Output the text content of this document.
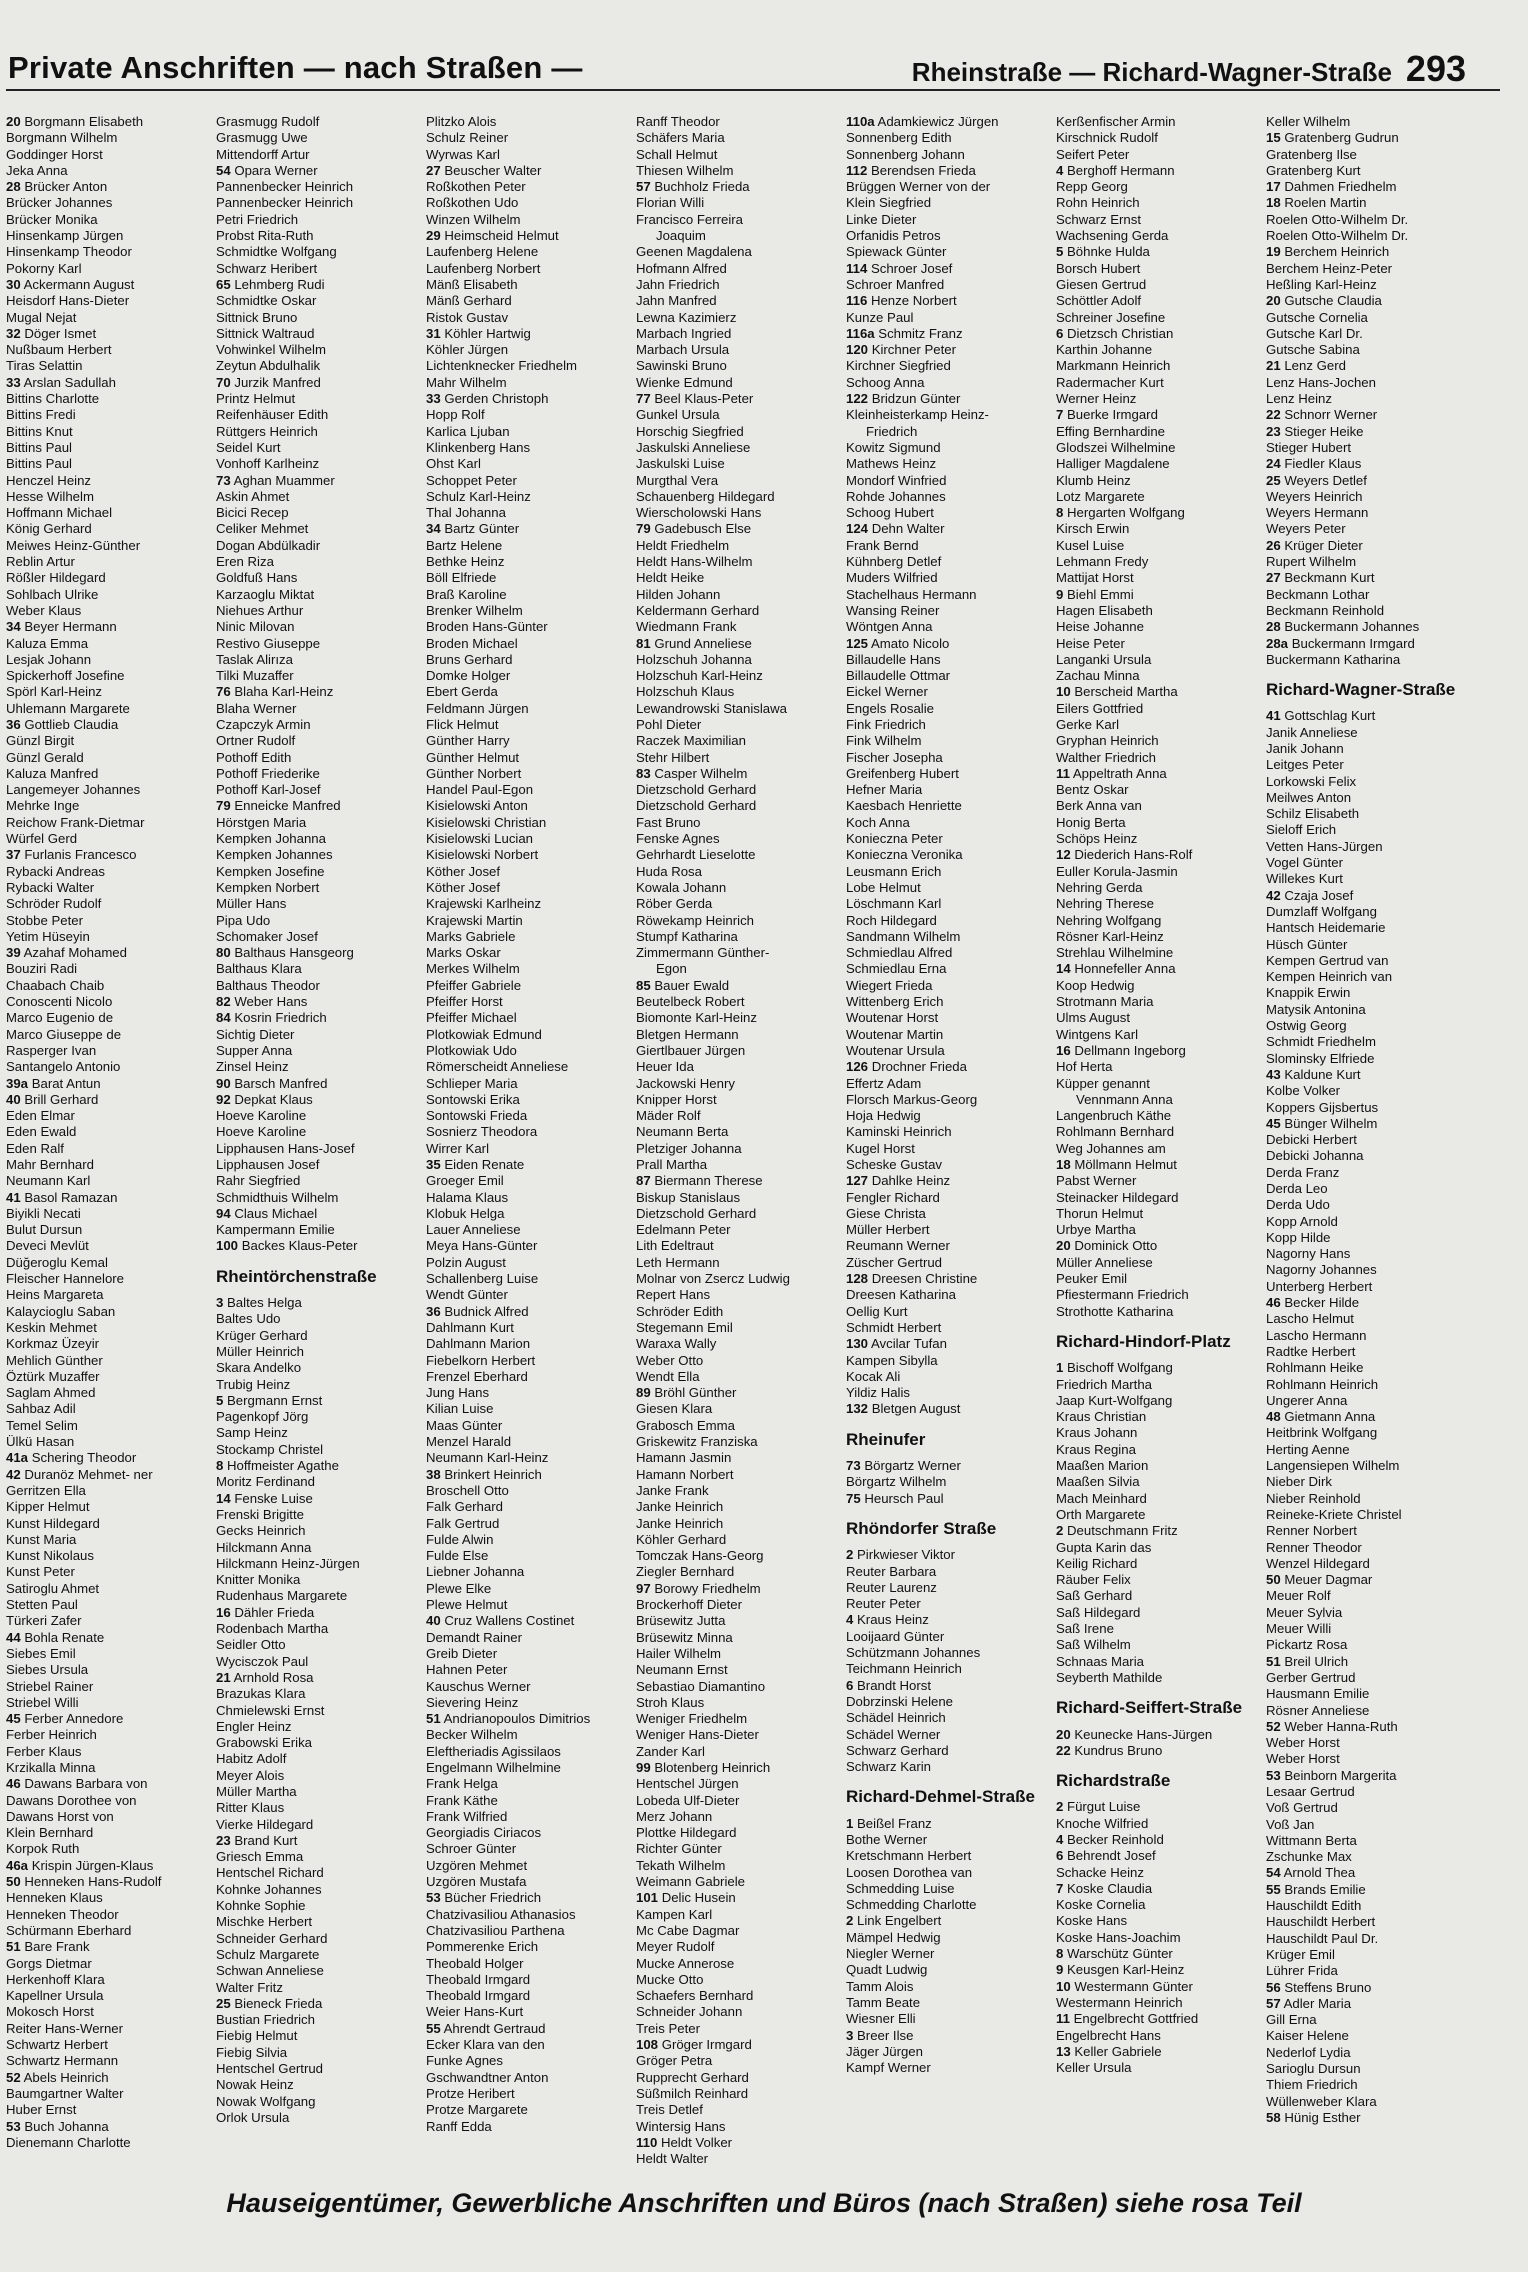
Private Anschriften — nach Straßen —	Rheinstraße — Richard-Wagner-Straße 293
20 Borgmann Elisabeth
Borgmann Wilhelm
Goddinger Horst
Jeka Anna
28 Brücker Anton
Brücker Johannes
Brücker Monika
Hinsenkamp Jürgen
Hinsenkamp Theodor
Pokorny Karl
30 Ackermann August
Heisdorf Hans-Dieter
Mugal Nejat
32 Döger Ismet
Nußbaum Herbert
Tiras Selattin
33 Arslan Sadullah
Bittins Charlotte
Bittins Fredi
Bittins Knut
Bittins Paul
Bittins Paul
Henczel Heinz
Hesse Wilhelm
Hoffmann Michael
König Gerhard
Meiwes Heinz-Günther
Reblin Artur
Rößler Hildegard
Sohlbach Ulrike
Weber Klaus
34 Beyer Hermann
Kaluza Emma
Lesjak Johann
Spickerhoff Josefine
Spörl Karl-Heinz
Uhlemann Margarete
36 Gottlieb Claudia
Günzl Birgit
Günzl Gerald
Kaluza Manfred
Langemeyer Johannes
Mehrke Inge
Reichow Frank-Dietmar
Würfel Gerd
37 Furlanis Francesco
Rybacki Andreas
Rybacki Walter
Schröder Rudolf
Stobbe Peter
Yetim Hüseyin
39 Azahaf Mohamed
Bouziri Radi
Chaabach Chaib
Conoscenti Nicolo
Marco Eugenio de
Marco Giuseppe de
Rasperger Ivan
Santangelo Antonio
39a Barat Antun
40 Brill Gerhard
Eden Elmar
Eden Ewald
Eden Ralf
Mahr Bernhard
Neumann Karl
41 Basol Ramazan
Biyikli Necati
Bulut Dursun
Deveci Mevlüt
Düğeroglu Kemal
Fleischer Hannelore
Heins Margareta
Kalaycioglu Saban
Keskin Mehmet
Korkmaz Üzeyir
Mehlich Günther
Öztürk Muzaffer
Saglam Ahmed
Sahbaz Adil
Temel Selim
Ülkü Hasan
41a Schering Theodor
42 Duranöz Mehmet- ner
Gerritzen Ella
Kipper Helmut
Kunst Hildegard
Kunst Maria
Kunst Nikolaus
Kunst Peter
Satiroglu Ahmet
Stetten Paul
Türkeri Zafer
44 Bohla Renate
Siebes Emil
Siebes Ursula
Striebel Rainer
Striebel Willi
45 Ferber Annedore
Ferber Heinrich
Ferber Klaus
Krzikalla Minna
46 Dawans Barbara von
Dawans Dorothee von
Dawans Horst von
Klein Bernhard
Korpok Ruth
46a Krispin Jürgen-Klaus
50 Henneken Hans-Rudolf
Henneken Klaus
Henneken Theodor
Schürmann Eberhard
51 Bare Frank
Gorgs Dietmar
Herkenhoff Klara
Kapellner Ursula
Mokosch Horst
Reiter Hans-Werner
Schwartz Herbert
Schwartz Hermann
52 Abels Heinrich
Baumgartner Walter
Huber Ernst
53 Buch Johanna
Dienemann Charlotte
Grasmugg Rudolf
Grasmugg Uwe
Mittendorff Artur
54 Opara Werner
Pannenbecker Heinrich
Pannenbecker Heinrich
Petri Friedrich
Probst Rita-Ruth
Schmidtke Wolfgang
Schwarz Heribert
65 Lehmberg Rudi
Schmidtke Oskar
Sittnick Bruno
Sittnick Waltraud
Vohwinkel Wilhelm
Zeytun Abdulhalik
70 Jurzik Manfred
Printz Helmut
Reifenhäuser Edith
Rüttgers Heinrich
Seidel Kurt
Vonhoff Karlheinz
73 Aghan Muammer
Askin Ahmet
Bicici Recep
Celiker Mehmet
Dogan Abdülkadir
Eren Riza
Goldfuß Hans
Karzaoglu Miktat
Niehues Arthur
Ninic Milovan
Restivo Giuseppe
Taslak Alirıza
Tilki Muzaffer
76 Blaha Karl-Heinz
Blaha Werner
Czapczyk Armin
Ortner Rudolf
Pothoff Edith
Pothoff Friederike
Pothoff Karl-Josef
79 Enneicke Manfred
Hörstgen Maria
Kempken Johanna
Kempken Johannes
Kempken Josefine
Kempken Norbert
Müller Hans
Pipa Udo
Schomaker Josef
80 Balthaus Hansgeorg
Balthaus Klara
Balthaus Theodor
82 Weber Hans
84 Kosrin Friedrich
Sichtig Dieter
Supper Anna
Zinsel Heinz
90 Barsch Manfred
92 Depkat Klaus
Hoeve Karoline
Hoeve Karoline
Lipphausen Hans-Josef
Lipphausen Josef
Rahr Siegfried
Schmidthuis Wilhelm
94 Claus Michael
Kampermann Emilie
100 Backes Klaus-Peter
Rheintörchenstraße
3 Baltes Helga
Baltes Udo
Krüger Gerhard
Müller Heinrich
Skara Andelko
Trubig Heinz
5 Bergmann Ernst
Pagenkopf Jörg
Samp Heinz
Stockamp Christel
8 Hoffmeister Agathe
Moritz Ferdinand
14 Fenske Luise
Frenski Brigitte
Gecks Heinrich
Hilckmann Anna
Hilckmann Heinz-Jürgen
Knitter Monika
Rudenhaus Margarete
16 Dähler Frieda
Rodenbach Martha
Seidler Otto
Wycisczok Paul
21 Arnhold Rosa
Brazukas Klara
Chmielewski Ernst
Engler Heinz
Grabowski Erika
Habitz Adolf
Meyer Alois
Müller Martha
Ritter Klaus
Vierke Hildegard
23 Brand Kurt
Griesch Emma
Hentschel Richard
Kohnke Johannes
Kohnke Sophie
Mischke Herbert
Schneider Gerhard
Schulz Margarete
Schwan Anneliese
Walter Fritz
25 Bieneck Frieda
Bustian Friedrich
Fiebig Helmut
Fiebig Silvia
Hentschel Gertrud
Nowak Heinz
Nowak Wolfgang
Orlok Ursula
Plitzko Alois
Schulz Reiner
Wyrwas Karl
27 Beuscher Walter
Roßkothen Peter
Roßkothen Udo
Winzen Wilhelm
29 Heimscheid Helmut
Laufenberg Helene
Laufenberg Norbert
Mänß Elisabeth
Mänß Gerhard
Ristok Gustav
31 Köhler Hartwig
Köhler Jürgen
Lichtenknecker Friedhelm
Mahr Wilhelm
33 Gerden Christoph
Hopp Rolf
Karlica Ljuban
Klinkenberg Hans
Ohst Karl
Schoppet Peter
Schulz Karl-Heinz
Thal Johanna
34 Bartz Günter
Bartz Helene
Bethke Heinz
Böll Elfriede
Braß Karoline
Brenker Wilhelm
Broden Hans-Günter
Broden Michael
Bruns Gerhard
Domke Holger
Ebert Gerda
Feldmann Jürgen
Flick Helmut
Günther Harry
Günther Helmut
Günther Norbert
Handel Paul-Egon
Kisielowski Anton
Kisielowski Christian
Kisielowski Lucian
Kisielowski Norbert
Köther Josef
Köther Josef
Krajewski Karlheinz
Krajewski Martin
Marks Gabriele
Marks Oskar
Merkes Wilhelm
Pfeiffer Gabriele
Pfeiffer Horst
Pfeiffer Michael
Plotkowiak Edmund
Plotkowiak Udo
Römerscheidt Anneliese
Schlieper Maria
Sontowski Erika
Sontowski Frieda
Sosnierz Theodora
Wirrer Karl
35 Eiden Renate
Groeger Emil
Halama Klaus
Klobuk Helga
Lauer Anneliese
Meya Hans-Günter
Polzin August
Schallenberg Luise
Wendt Günter
36 Budnick Alfred
Dahlmann Kurt
Dahlmann Marion
Fiebelkorn Herbert
Frenzel Eberhard
Jung Hans
Kilian Luise
Maas Günter
Menzel Harald
Neumann Karl-Heinz
38 Brinkert Heinrich
Broschell Otto
Falk Gerhard
Falk Gertrud
Fulde Alwin
Fulde Else
Liebner Johanna
Plewe Elke
Plewe Helmut
40 Cruz Wallens Costinet
Demandt Rainer
Greib Dieter
Hahnen Peter
Kauschus Werner
Sievering Heinz
51 Andrianopoulos Dimitrios
Becker Wilhelm
Eleftheriadis Agissilaos
Engelmann Wilhelmine
Frank Helga
Frank Käthe
Frank Wilfried
Georgiadis Ciriacos
Schroer Günter
Uzgören Mehmet
Uzgören Mustafa
53 Bücher Friedrich
Chatzivasiliou Athanasios
Chatzivasiliou Parthena
Pommerenke Erich
Theobald Holger
Theobald Irmgard
Theobald Irmgard
Weier Hans-Kurt
55 Ahrendt Gertraud
Ecker Klara van den
Funke Agnes
Gschwandtner Anton
Protze Heribert
Protze Margarete
Ranff Edda
Ranff Theodor
Schäfers Maria
Schall Helmut
Thiesen Wilhelm
57 Buchholz Frieda
Florian Willi
Francisco Ferreira
Joaquim
Geenen Magdalena
Hofmann Alfred
Jahn Friedrich
Jahn Manfred
Lewna Kazimierz
Marbach Ingried
Marbach Ursula
Sawinski Bruno
Wienke Edmund
77 Beel Klaus-Peter
Gunkel Ursula
Horschig Siegfried
Jaskulski Anneliese
Jaskulski Luise
Murgthal Vera
Schauenberg Hildegard
Wierscholowski Hans
79 Gadebusch Else
Heldt Friedhelm
Heldt Hans-Wilhelm
Heldt Heike
Hilden Johann
Keldermann Gerhard
Wiedmann Frank
81 Grund Anneliese
Holzschuh Johanna
Holzschuh Karl-Heinz
Holzschuh Klaus
Lewandrowski Stanislawa
Pohl Dieter
Raczek Maximilian
Stehr Hilbert
83 Casper Wilhelm
Dietzschold Gerhard
Dietzschold Gerhard
Fast Bruno
Fenske Agnes
Gehrhardt Lieselotte
Huda Rosa
Kowala Johann
Röber Gerda
Röwekamp Heinrich
Stumpf Katharina
Zimmermann Günther-
Egon
85 Bauer Ewald
Beutelbeck Robert
Biomonte Karl-Heinz
Bletgen Hermann
Giertlbauer Jürgen
Heuer Ida
Jackowski Henry
Knipper Horst
Mäder Rolf
Neumann Berta
Pletziger Johanna
Prall Martha
87 Biermann Therese
Biskup Stanislaus
Dietzschold Gerhard
Edelmann Peter
Lith Edeltraut
Leth Hermann
Molnar von Zsercz Ludwig
Repert Hans
Schröder Edith
Stegemann Emil
Waraxa Wally
Weber Otto
Wendt Ella
89 Bröhl Günther
Giesen Klara
Grabosch Emma
Griskewitz Franziska
Hamann Jasmin
Hamann Norbert
Janke Frank
Janke Heinrich
Janke Heinrich
Köhler Gerhard
Tomczak Hans-Georg
Ziegler Bernhard
97 Borowy Friedhelm
Brockerhoff Dieter
Brüsewitz Jutta
Brüsewitz Minna
Hailer Wilhelm
Neumann Ernst
Sebastiao Diamantino
Stroh Klaus
Weniger Friedhelm
Weniger Hans-Dieter
Zander Karl
99 Blotenberg Heinrich
Hentschel Jürgen
Lobeda Ulf-Dieter
Merz Johann
Plottke Hildegard
Richter Günter
Tekath Wilhelm
Weimann Gabriele
101 Delic Husein
Kampen Karl
Mc Cabe Dagmar
Meyer Rudolf
Mucke Annerose
Mucke Otto
Schaefers Bernhard
Schneider Johann
Treis Peter
108 Gröger Irmgard
Gröger Petra
Rupprecht Gerhard
Süßmilch Reinhard
Treis Detlef
Wintersig Hans
110 Heldt Volker
Heldt Walter
110a Adamkiewicz Jürgen
Sonnenberg Edith
Sonnenberg Johann
112 Berendsen Frieda
Brüggen Werner von der
Klein Siegfried
Linke Dieter
Orfanidis Petros
Spiewack Günter
114 Schroer Josef
Schroer Manfred
116 Henze Norbert
Kunze Paul
116a Schmitz Franz
120 Kirchner Peter
Kirchner Siegfried
Schoog Anna
122 Bridzun Günter
Kleinheisterkamp Heinz-
Friedrich
Kowitz Sigmund
Mathews Heinz
Mondorf Winfried
Rohde Johannes
Schoog Hubert
124 Dehn Walter
Frank Bernd
Kühnberg Detlef
Muders Wilfried
Stachelhaus Hermann
Wansing Reiner
Wöntgen Anna
125 Amato Nicolo
Billaudelle Hans
Billaudelle Ottmar
Eickel Werner
Engels Rosalie
Fink Friedrich
Fink Wilhelm
Fischer Josepha
Greifenberg Hubert
Hefner Maria
Kaesbach Henriette
Koch Anna
Konieczna Peter
Konieczna Veronika
Leusmann Erich
Lobe Helmut
Löschmann Karl
Roch Hildegard
Sandmann Wilhelm
Schmiedlau Alfred
Schmiedlau Erna
Wiegert Frieda
Wittenberg Erich
Woutenar Horst
Woutenar Martin
Woutenar Ursula
126 Drochner Frieda
Effertz Adam
Florsch Markus-Georg
Hoja Hedwig
Kaminski Heinrich
Kugel Horst
Scheske Gustav
127 Dahlke Heinz
Fengler Richard
Giese Christa
Müller Herbert
Reumann Werner
Züscher Gertrud
128 Dreesen Christine
Dreesen Katharina
Oellig Kurt
Schmidt Herbert
130 Avcilar Tufan
Kampen Sibylla
Kocak Ali
Yildiz Halis
132 Bletgen August
Rheinufer
73 Börgartz Werner
Börgartz Wilhelm
75 Heursch Paul
Rhöndorfer Straße
2 Pirkwieser Viktor
Reuter Barbara
Reuter Laurenz
Reuter Peter
4 Kraus Heinz
Looijaard Günter
Schützmann Johannes
Teichmann Heinrich
6 Brandt Horst
Dobrzinski Helene
Schädel Heinrich
Schädel Werner
Schwarz Gerhard
Schwarz Karin
Richard-Dehmel-Straße
1 Beißel Franz
Bothe Werner
Kretschmann Herbert
Loosen Dorothea van
Schmedding Luise
Schmedding Charlotte
2 Link Engelbert
Mämpel Hedwig
Niegler Werner
Quadt Ludwig
Tamm Alois
Tamm Beate
Wiesner Elli
3 Breer Ilse
Jäger Jürgen
Kampf Werner
Kerßenfischer Armin
Kirschnick Rudolf
Seifert Peter
4 Berghoff Hermann
Repp Georg
Rohn Heinrich
Schwarz Ernst
Wachsening Gerda
5 Böhnke Hulda
Borsch Hubert
Giesen Gertrud
Schöttler Adolf
Schreiner Josefine
6 Dietzsch Christian
Karthin Johanne
Markmann Heinrich
Radermacher Kurt
Werner Heinz
7 Buerke Irmgard
Effing Bernhardine
Glodszei Wilhelmine
Halliger Magdalene
Klumb Heinz
Lotz Margarete
8 Hergarten Wolfgang
Kirsch Erwin
Kusel Luise
Lehmann Fredy
Mattijat Horst
9 Biehl Emmi
Hagen Elisabeth
Heise Johanne
Heise Peter
Langanki Ursula
Zachau Minna
10 Berscheid Martha
Eilers Gottfried
Gerke Karl
Gryphan Heinrich
Walther Friedrich
11 Appeltrath Anna
Bentz Oskar
Berk Anna van
Honig Berta
Schöps Heinz
12 Diederich Hans-Rolf
Euller Korula-Jasmin
Nehring Gerda
Nehring Therese
Nehring Wolfgang
Rösner Karl-Heinz
Strehlau Wilhelmine
14 Honnefeller Anna
Koop Hedwig
Strotmann Maria
Ulms August
Wintgens Karl
16 Dellmann Ingeborg
Hof Herta
Küpper genannt
Vennmann Anna
Langenbruch Käthe
Rohlmann Bernhard
Weg Johannes am
18 Möllmann Helmut
Pabst Werner
Steinacker Hildegard
Thorun Helmut
Urbye Martha
20 Dominick Otto
Müller Anneliese
Peuker Emil
Pfiestermann Friedrich
Strothotte Katharina
Richard-Hindorf-Platz
1 Bischoff Wolfgang
Friedrich Martha
Jaap Kurt-Wolfgang
Kraus Christian
Kraus Johann
Kraus Regina
Maaßen Marion
Maaßen Silvia
Mach Meinhard
Orth Margarete
2 Deutschmann Fritz
Gupta Karin das
Keilig Richard
Räuber Felix
Saß Gerhard
Saß Hildegard
Saß Irene
Saß Wilhelm
Schnaas Maria
Seyberth Mathilde
Richard-Seiffert-Straße
20 Keunecke Hans-Jürgen
22 Kundrus Bruno
Richardstraße
2 Fürgut Luise
Knoche Wilfried
4 Becker Reinhold
6 Behrendt Josef
Schacke Heinz
7 Koske Claudia
Koske Cornelia
Koske Hans
Koske Hans-Joachim
8 Warschütz Günter
9 Keusgen Karl-Heinz
10 Westermann Günter
Westermann Heinrich
11 Engelbrecht Gottfried
Engelbrecht Hans
13 Keller Gabriele
Keller Ursula
Keller Wilhelm
15 Gratenberg Gudrun
Gratenberg Ilse
Gratenberg Kurt
17 Dahmen Friedhelm
18 Roelen Martin
Roelen Otto-Wilhelm Dr.
Roelen Otto-Wilhelm Dr.
19 Berchem Heinrich
Berchem Heinz-Peter
Heßling Karl-Heinz
20 Gutsche Claudia
Gutsche Cornelia
Gutsche Karl Dr.
Gutsche Sabina
21 Lenz Gerd
Lenz Hans-Jochen
Lenz Heinz
22 Schnorr Werner
23 Stieger Heike
Stieger Hubert
24 Fiedler Klaus
25 Weyers Detlef
Weyers Heinrich
Weyers Hermann
Weyers Peter
26 Krüger Dieter
Rupert Wilhelm
27 Beckmann Kurt
Beckmann Lothar
Beckmann Reinhold
28 Buckermann Johannes
28a Buckermann Irmgard
Buckermann Katharina
Richard-Wagner-Straße
41 Gottschlag Kurt
Janik Anneliese
Janik Johann
Leitges Peter
Lorkowski Felix
Meilwes Anton
Schilz Elisabeth
Sieloff Erich
Vetten Hans-Jürgen
Vogel Günter
Willekes Kurt
42 Czaja Josef
Dumzlaff Wolfgang
Hantsch Heidemarie
Hüsch Günter
Kempen Gertrud van
Kempen Heinrich van
Knappik Erwin
Matysik Antonina
Ostwig Georg
Schmidt Friedhelm
Slominsky Elfriede
43 Kaldune Kurt
Kolbe Volker
Koppers Gijsbertus
45 Bünger Wilhelm
Debicki Herbert
Debicki Johanna
Derda Franz
Derda Leo
Derda Udo
Kopp Arnold
Kopp Hilde
Nagorny Hans
Nagorny Johannes
Unterberg Herbert
46 Becker Hilde
Lascho Helmut
Lascho Hermann
Radtke Herbert
Rohlmann Heike
Rohlmann Heinrich
Ungerer Anna
48 Gietmann Anna
Heitbrink Wolfgang
Herting Aenne
Langensiepen Wilhelm
Nieber Dirk
Nieber Reinhold
Reineke-Kriete Christel
Renner Norbert
Renner Theodor
Wenzel Hildegard
50 Meuer Dagmar
Meuer Rolf
Meuer Sylvia
Meuer Willi
Pickartz Rosa
51 Breil Ulrich
Gerber Gertrud
Hausmann Emilie
Rösner Anneliese
52 Weber Hanna-Ruth
Weber Horst
Weber Horst
53 Beinborn Margerita
Lesaar Gertrud
Voß Gertrud
Voß Jan
Wittmann Berta
Zschunke Max
54 Arnold Thea
55 Brands Emilie
Hauschildt Edith
Hauschildt Herbert
Hauschildt Paul Dr.
Krüger Emil
Lührer Frida
56 Steffens Bruno
57 Adler Maria
Gill Erna
Kaiser Helene
Nederlof Lydia
Sarioglu Dursun
Thiem Friedrich
Wüllenweber Klara
58 Hünig Esther
Hauseigentümer, Gewerbliche Anschriften und Büros (nach Straßen) siehe rosa Teil
